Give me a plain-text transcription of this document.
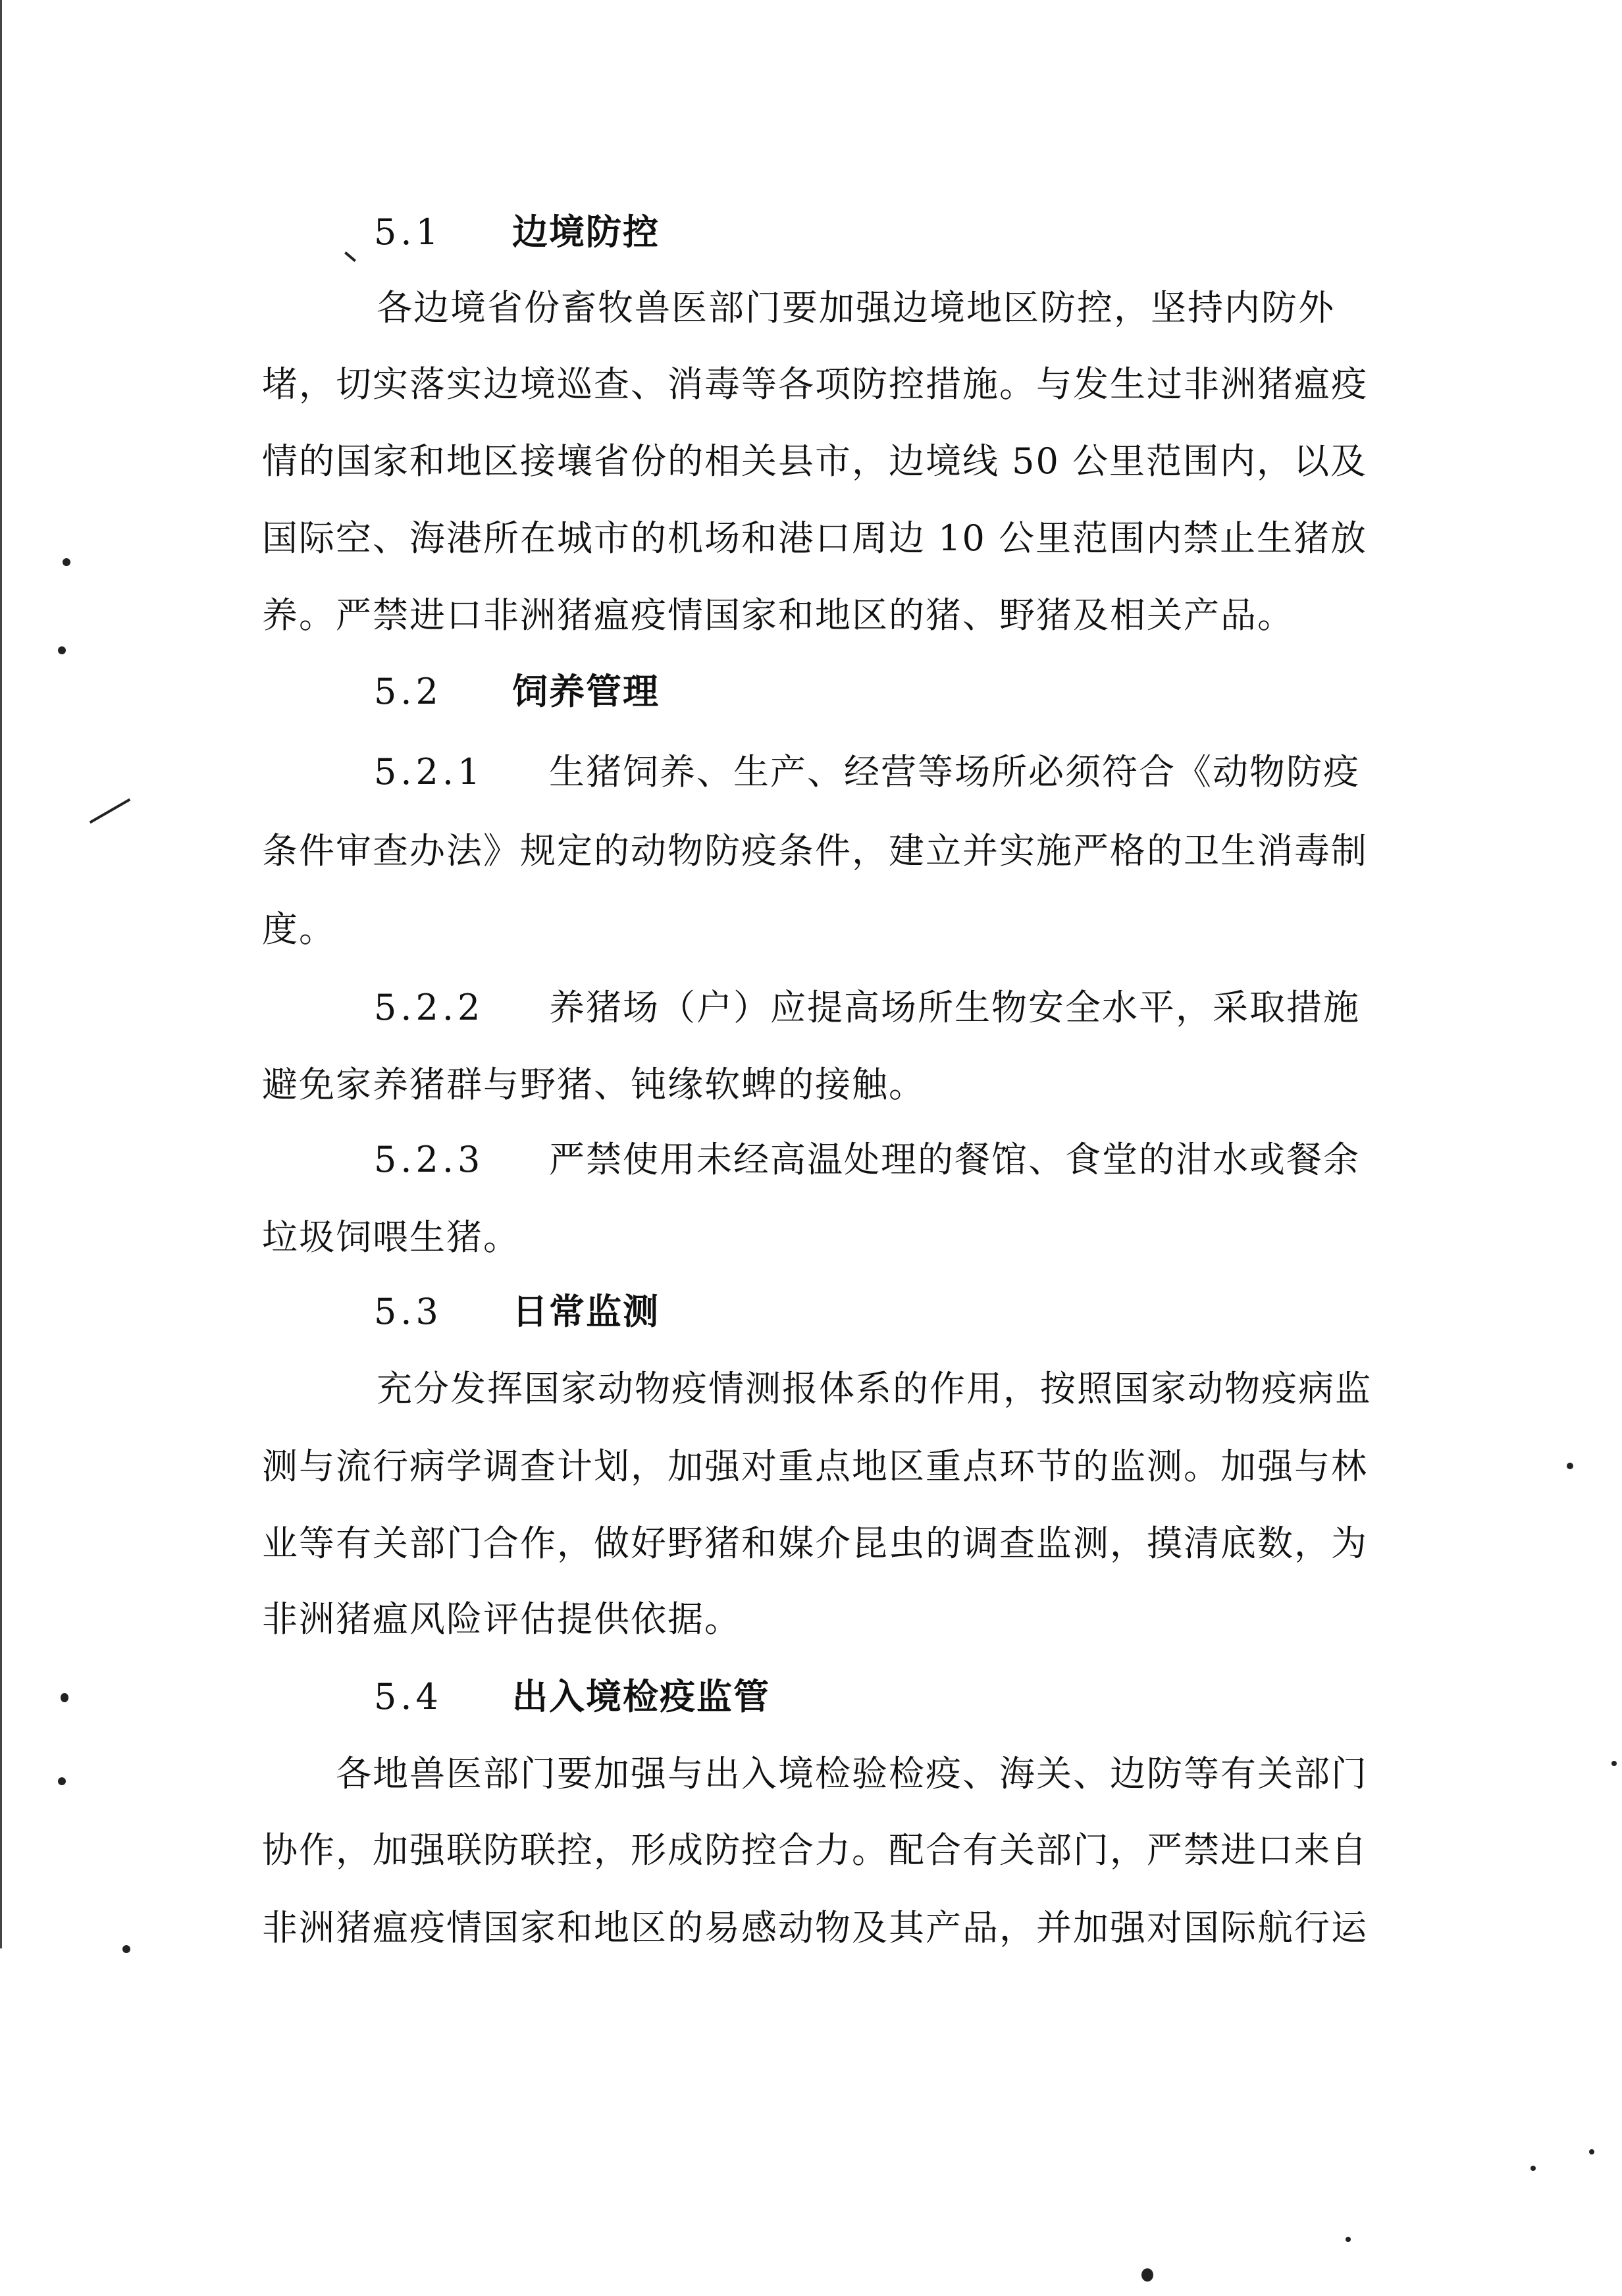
5.1 边境防控
各边境省份畜牧兽医部门要加强边境地区防控，坚持内防外
堵，切实落实边境巡查、消毒等各项防控措施。与发生过非洲猪瘟疫
情的国家和地区接壤省份的相关县市，边境线 50 公里范围内，以及
国际空、海港所在城市的机场和港口周边 10 公里范围内禁止生猪放
养。严禁进口非洲猪瘟疫情国家和地区的猪、野猪及相关产品。
5.2 饲养管理
5.2.1 生猪饲养、生产、经营等场所必须符合《动物防疫
条件审查办法》规定的动物防疫条件，建立并实施严格的卫生消毒制
度。
5.2.2 养猪场（户）应提高场所生物安全水平，采取措施
避免家养猪群与野猪、钝缘软蜱的接触。
5.2.3 严禁使用未经高温处理的餐馆、食堂的泔水或餐余
垃圾饲喂生猪。
5.3 日常监测
充分发挥国家动物疫情测报体系的作用，按照国家动物疫病监
测与流行病学调查计划，加强对重点地区重点环节的监测。加强与林
业等有关部门合作，做好野猪和媒介昆虫的调查监测，摸清底数，为
非洲猪瘟风险评估提供依据。
5.4 出入境检疫监管
各地兽医部门要加强与出入境检验检疫、海关、边防等有关部门
协作，加强联防联控，形成防控合力。配合有关部门，严禁进口来自
非洲猪瘟疫情国家和地区的易感动物及其产品，并加强对国际航行运
